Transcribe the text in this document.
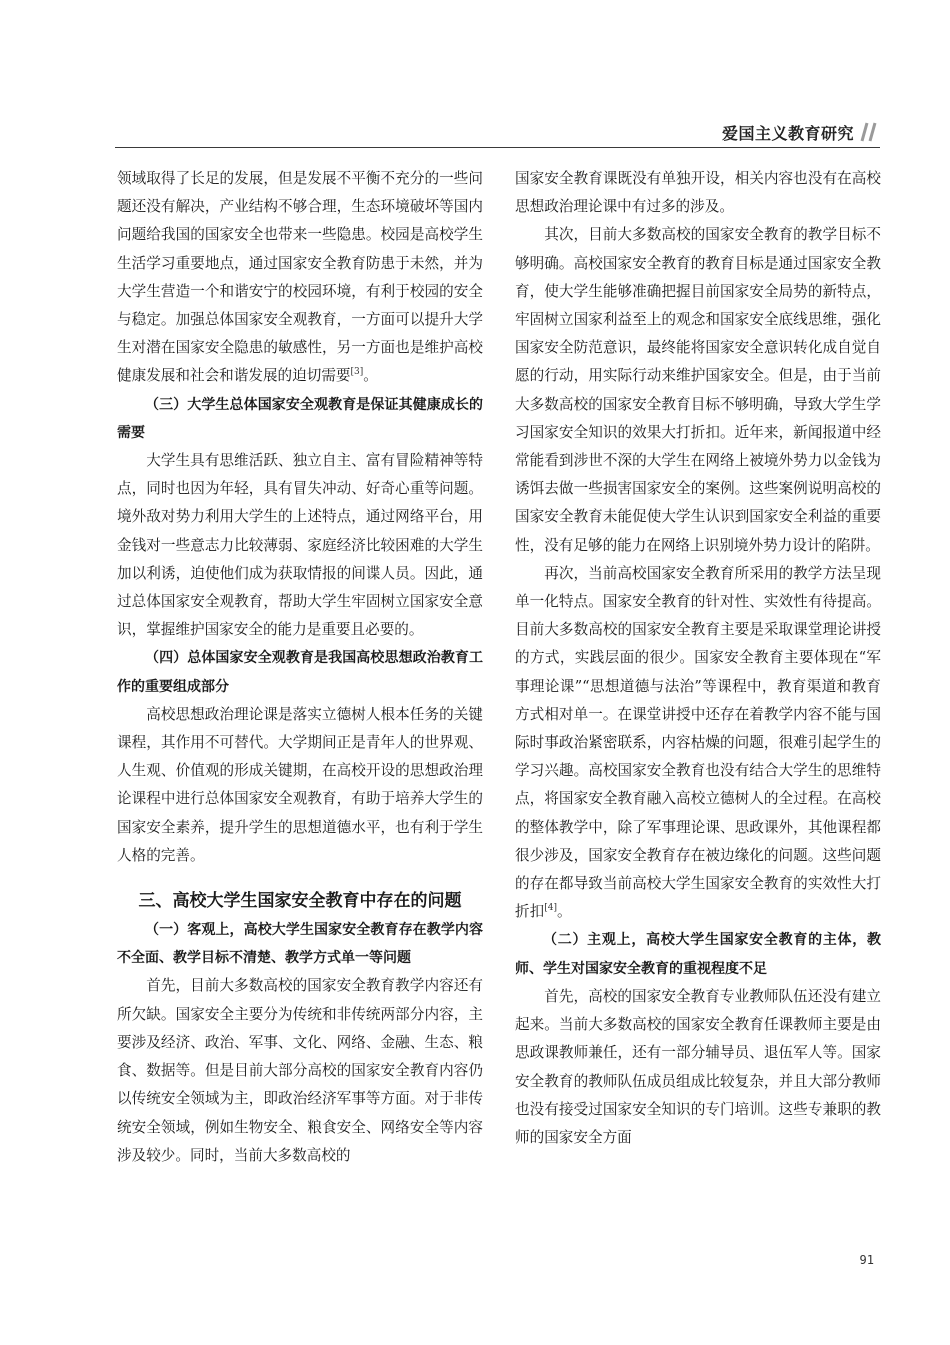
爱国主义教育研究

领域取得了长足的发展，但是发展不平衡不充分的一些问题还没有解决，产业结构不够合理，生态环境破坏等国内问题给我国的国家安全也带来一些隐患。校园是高校学生生活学习重要地点，通过国家安全教育防患于未然，并为大学生营造一个和谐安宁的校园环境，有利于校园的安全与稳定。加强总体国家安全观教育，一方面可以提升大学生对潜在国家安全隐患的敏感性，另一方面也是维护高校健康发展和社会和谐发展的迫切需要[3]。

（三）大学生总体国家安全观教育是保证其健康成长的需要

大学生具有思维活跃、独立自主、富有冒险精神等特点，同时也因为年轻，具有冒失冲动、好奇心重等问题。境外敌对势力利用大学生的上述特点，通过网络平台，用金钱对一些意志力比较薄弱、家庭经济比较困难的大学生加以利诱，迫使他们成为获取情报的间谍人员。因此，通过总体国家安全观教育，帮助大学生牢固树立国家安全意识，掌握维护国家安全的能力是重要且必要的。

（四）总体国家安全观教育是我国高校思想政治教育工作的重要组成部分

高校思想政治理论课是落实立德树人根本任务的关键课程，其作用不可替代。大学期间正是青年人的世界观、人生观、价值观的形成关键期，在高校开设的思想政治理论课程中进行总体国家安全观教育，有助于培养大学生的国家安全素养，提升学生的思想道德水平，也有利于学生人格的完善。

三、高校大学生国家安全教育中存在的问题

（一）客观上，高校大学生国家安全教育存在教学内容不全面、教学目标不清楚、教学方式单一等问题

首先，目前大多数高校的国家安全教育教学内容还有所欠缺。国家安全主要分为传统和非传统两部分内容，主要涉及经济、政治、军事、文化、网络、金融、生态、粮食、数据等。但是目前大部分高校的国家安全教育内容仍以传统安全领域为主，即政治经济军事等方面。对于非传统安全领域，例如生物安全、粮食安全、网络安全等内容涉及较少。同时，当前大多数高校的

国家安全教育课既没有单独开设，相关内容也没有在高校思想政治理论课中有过多的涉及。

其次，目前大多数高校的国家安全教育的教学目标不够明确。高校国家安全教育的教育目标是通过国家安全教育，使大学生能够准确把握目前国家安全局势的新特点，牢固树立国家利益至上的观念和国家安全底线思维，强化国家安全防范意识，最终能将国家安全意识转化成自觉自愿的行动，用实际行动来维护国家安全。但是，由于当前大多数高校的国家安全教育目标不够明确，导致大学生学习国家安全知识的效果大打折扣。近年来，新闻报道中经常能看到涉世不深的大学生在网络上被境外势力以金钱为诱饵去做一些损害国家安全的案例。这些案例说明高校的国家安全教育未能促使大学生认识到国家安全利益的重要性，没有足够的能力在网络上识别境外势力设计的陷阱。

再次，当前高校国家安全教育所采用的教学方法呈现单一化特点。国家安全教育的针对性、实效性有待提高。目前大多数高校的国家安全教育主要是采取课堂理论讲授的方式，实践层面的很少。国家安全教育主要体现在“军事理论课”“思想道德与法治”等课程中，教育渠道和教育方式相对单一。在课堂讲授中还存在着教学内容不能与国际时事政治紧密联系，内容枯燥的问题，很难引起学生的学习兴趣。高校国家安全教育也没有结合大学生的思维特点，将国家安全教育融入高校立德树人的全过程。在高校的整体教学中，除了军事理论课、思政课外，其他课程都很少涉及，国家安全教育存在被边缘化的问题。这些问题的存在都导致当前高校大学生国家安全教育的实效性大打折扣[4]。

（二）主观上，高校大学生国家安全教育的主体，教师、学生对国家安全教育的重视程度不足

首先，高校的国家安全教育专业教师队伍还没有建立起来。当前大多数高校的国家安全教育任课教师主要是由思政课教师兼任，还有一部分辅导员、退伍军人等。国家安全教育的教师队伍成员组成比较复杂，并且大部分教师也没有接受过国家安全知识的专门培训。这些专兼职的教师的国家安全方面

91
